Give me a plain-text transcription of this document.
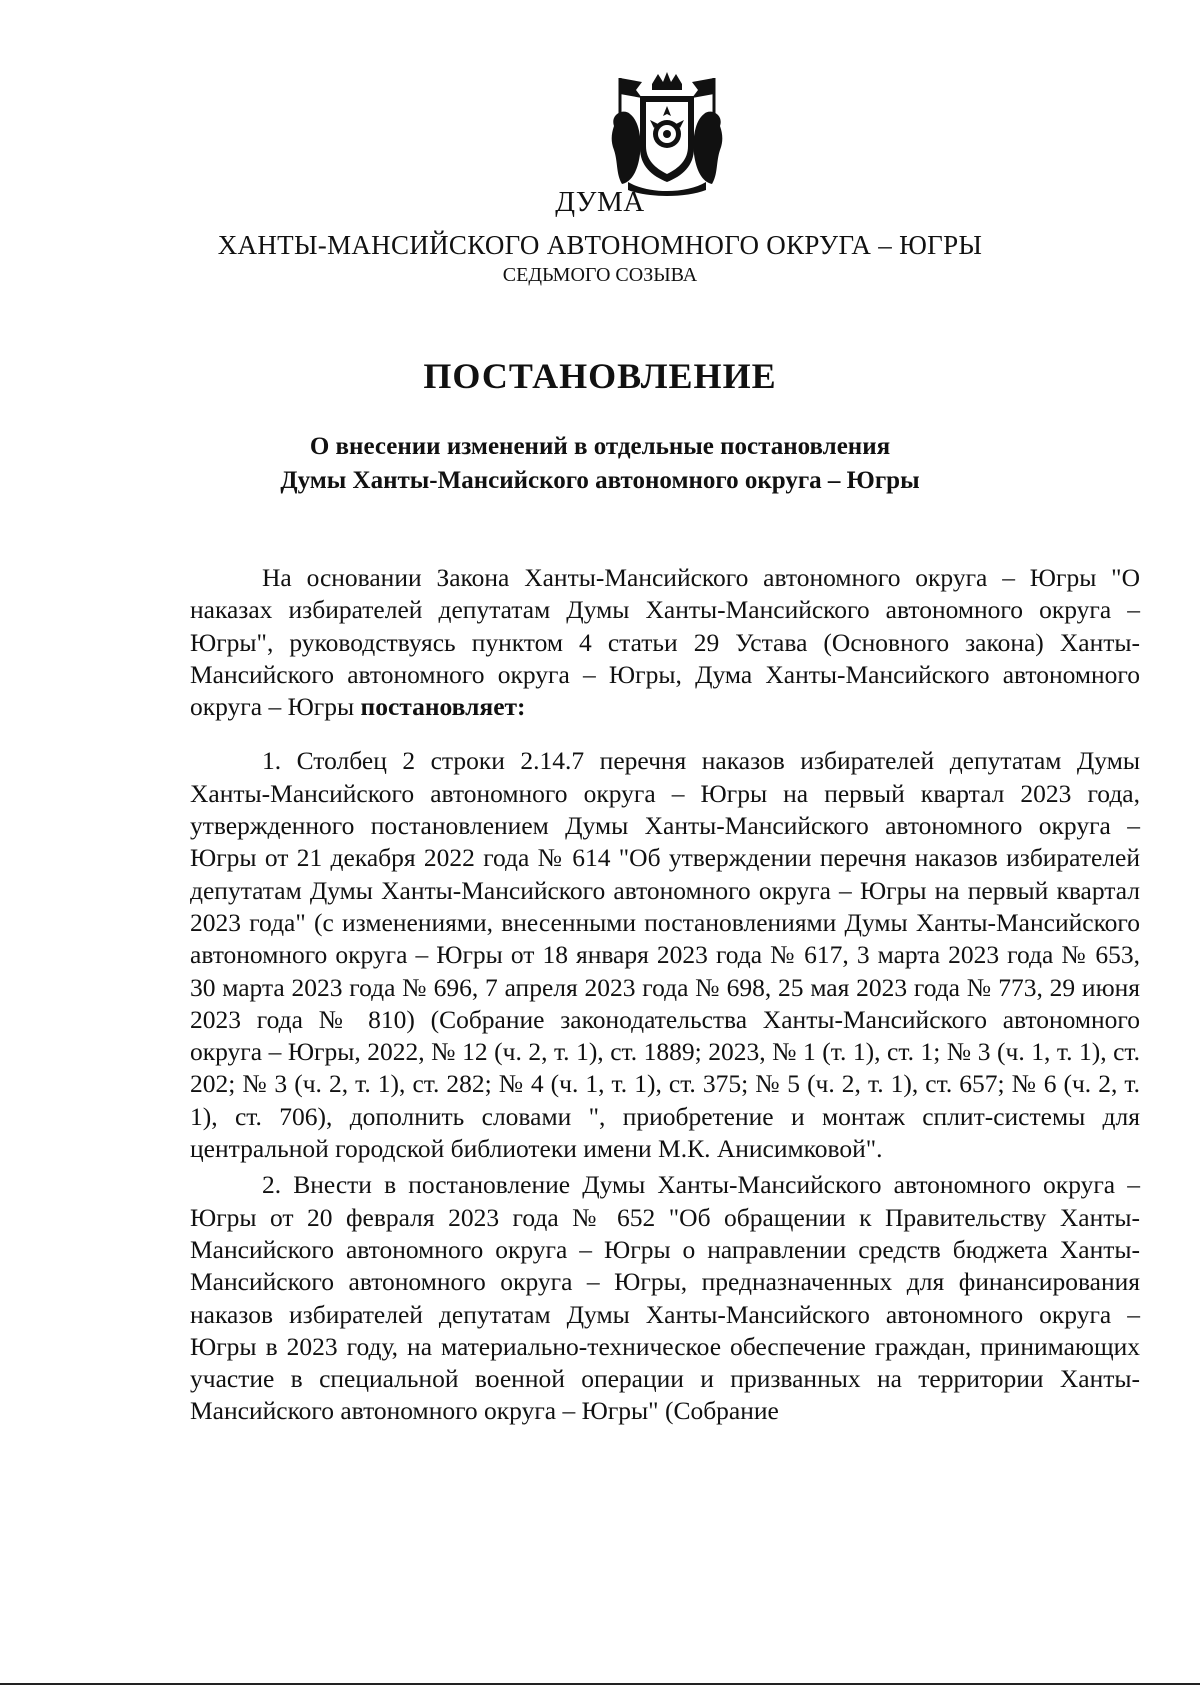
ДУМА
ХАНТЫ-МАНСИЙСКОГО АВТОНОМНОГО ОКРУГА – ЮГРЫ
СЕДЬМОГО СОЗЫВА
ПОСТАНОВЛЕНИЕ
О внесении изменений в отдельные постановления
Думы Ханты-Мансийского автономного округа – Югры

На основании Закона Ханты-Мансийского автономного округа – Югры "О наказах избирателей депутатам Думы Ханты-Мансийского автономного округа – Югры", руководствуясь пунктом 4 статьи 29 Устава (Основного закона) Ханты-Мансийского автономного округа – Югры, Дума Ханты-Мансийского автономного округа – Югры постановляет:

1. Столбец 2 строки 2.14.7 перечня наказов избирателей депутатам Думы Ханты-Мансийского автономного округа – Югры на первый квартал 2023 года, утвержденного постановлением Думы Ханты-Мансийского автономного округа – Югры от 21 декабря 2022 года № 614 "Об утверждении перечня наказов избирателей депутатам Думы Ханты-Мансийского автономного округа – Югры на первый квартал 2023 года" (с изменениями, внесенными постановлениями Думы Ханты-Мансийского автономного округа – Югры от 18 января 2023 года № 617, 3 марта 2023 года № 653, 30 марта 2023 года № 696, 7 апреля 2023 года № 698, 25 мая 2023 года № 773, 29 июня 2023 года № 810) (Собрание законодательства Ханты-Мансийского автономного округа – Югры, 2022, № 12 (ч. 2, т. 1), ст. 1889; 2023, № 1 (т. 1), ст. 1; № 3 (ч. 1, т. 1), ст. 202; № 3 (ч. 2, т. 1), ст. 282; № 4 (ч. 1, т. 1), ст. 375; № 5 (ч. 2, т. 1), ст. 657; № 6 (ч. 2, т. 1), ст. 706), дополнить словами ", приобретение и монтаж сплит-системы для центральной городской библиотеки имени М.К. Анисимковой".

2. Внести в постановление Думы Ханты-Мансийского автономного округа – Югры от 20 февраля 2023 года № 652 "Об обращении к Правительству Ханты-Мансийского автономного округа – Югры о направлении средств бюджета Ханты-Мансийского автономного округа – Югры, предназначенных для финансирования наказов избирателей депутатам Думы Ханты-Мансийского автономного округа – Югры в 2023 году, на материально-техническое обеспечение граждан, принимающих участие в специальной военной операции и призванных на территории Ханты-Мансийского автономного округа – Югры" (Собрание
